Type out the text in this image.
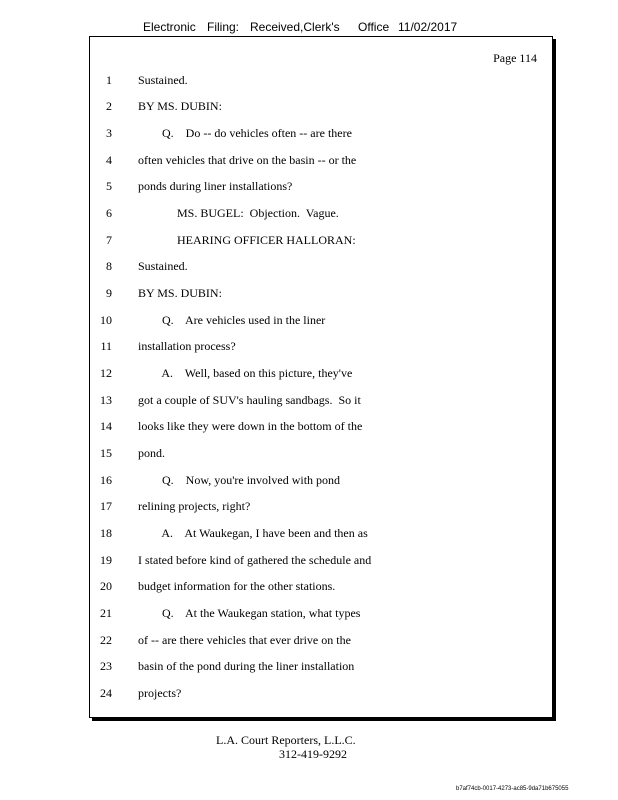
Electronic Filing: Received,Clerk's Office 11/02/2017
Page 114
1 Sustained.
2 BY MS. DUBIN:
3 Q.    Do -- do vehicles often -- are there
4 often vehicles that drive on the basin -- or the
5 ponds during liner installations?
6 MS. BUGEL:  Objection.  Vague.
7 HEARING OFFICER HALLORAN:
8 Sustained.
9 BY MS. DUBIN:
10 Q.    Are vehicles used in the liner
11 installation process?
12 A.    Well, based on this picture, they've
13 got a couple of SUV's hauling sandbags.  So it
14 looks like they were down in the bottom of the
15 pond.
16 Q.    Now, you're involved with pond
17 relining projects, right?
18 A.    At Waukegan, I have been and then as
19 I stated before kind of gathered the schedule and
20 budget information for the other stations.
21 Q.    At the Waukegan station, what types
22 of -- are there vehicles that ever drive on the
23 basin of the pond during the liner installation
24 projects?
L.A. Court Reporters, L.L.C.
312-419-9292
b7af74cb-0017-4273-ac85-9da71b675055
